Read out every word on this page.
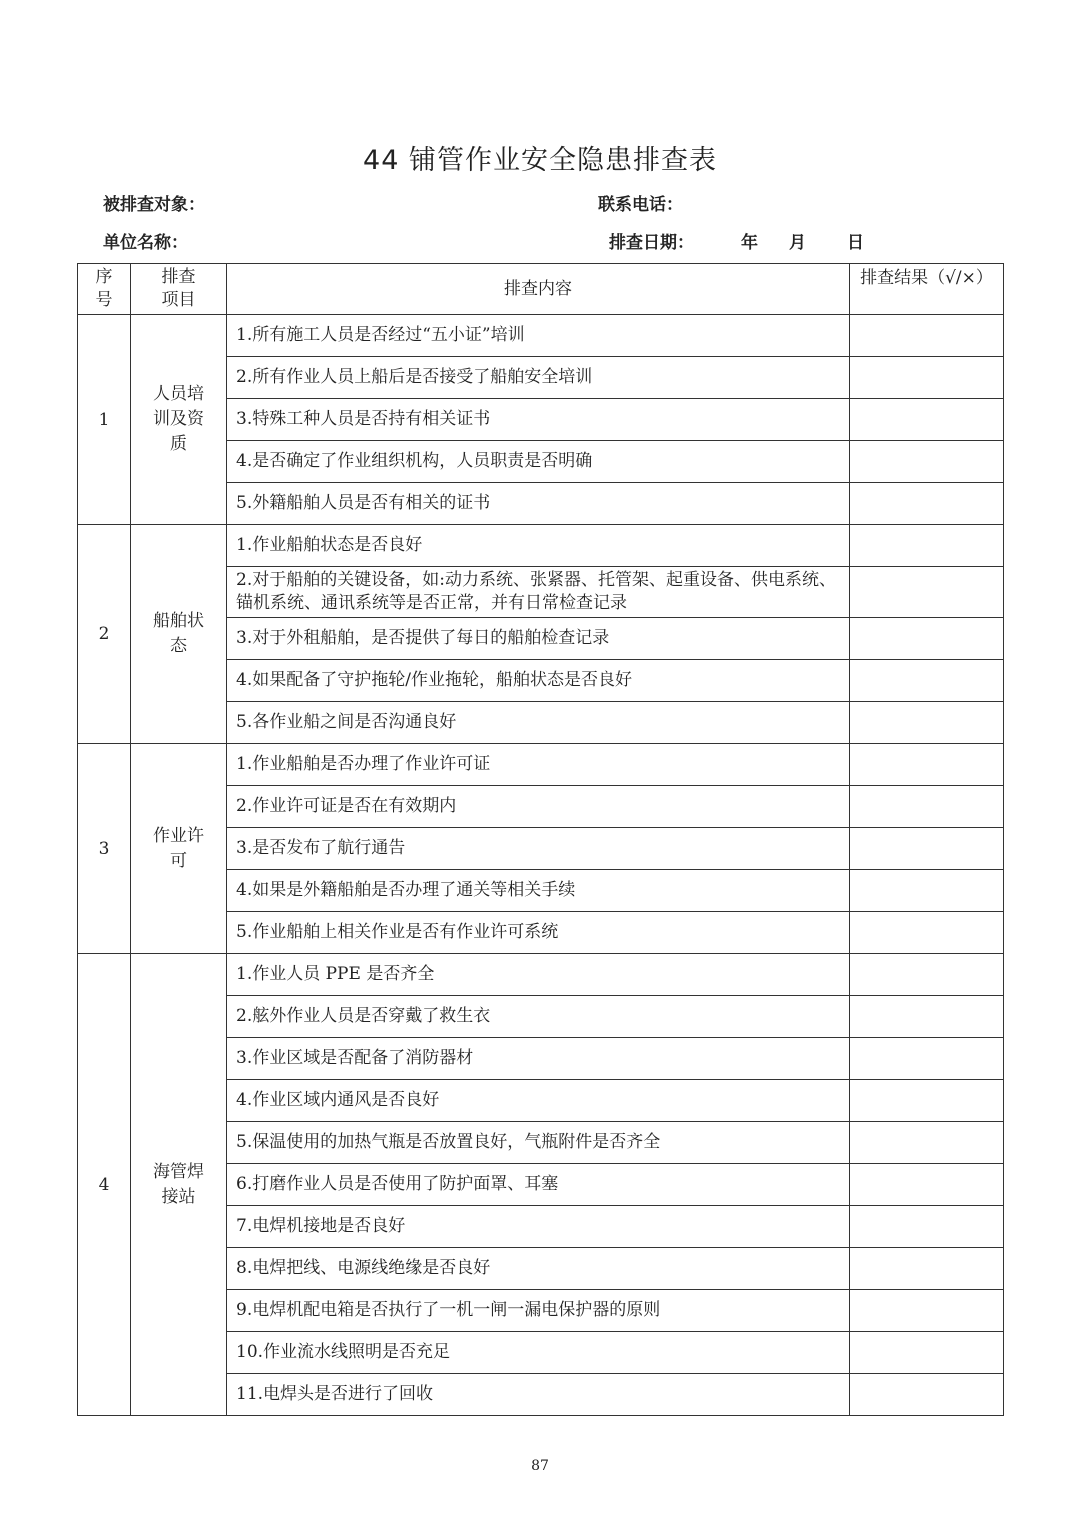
44 铺管作业安全隐患排查表
被排查对象：	联系电话：
单位名称：	排查日期：	年 月 日
序号	排查项目	排查内容	排查结果（√/×）
1	人员培训及资质	1.所有施工人员是否经过“五小证”培训	
		2.所有作业人员上船后是否接受了船舶安全培训	
		3.特殊工种人员是否持有相关证书	
		4.是否确定了作业组织机构，人员职责是否明确	
		5.外籍船舶人员是否有相关的证书	
2	船舶状态	1.作业船舶状态是否良好	
		2.对于船舶的关键设备，如:动力系统、张紧器、托管架、起重设备、供电系统、锚机系统、通讯系统等是否正常，并有日常检查记录	
		3.对于外租船舶，是否提供了每日的船舶检查记录	
		4.如果配备了守护拖轮/作业拖轮，船舶状态是否良好	
		5.各作业船之间是否沟通良好	
3	作业许可	1.作业船舶是否办理了作业许可证	
		2.作业许可证是否在有效期内	
		3.是否发布了航行通告	
		4.如果是外籍船舶是否办理了通关等相关手续	
		5.作业船舶上相关作业是否有作业许可系统	
4	海管焊接站	1.作业人员 PPE 是否齐全	
		2.舷外作业人员是否穿戴了救生衣	
		3.作业区域是否配备了消防器材	
		4.作业区域内通风是否良好	
		5.保温使用的加热气瓶是否放置良好，气瓶附件是否齐全	
		6.打磨作业人员是否使用了防护面罩、耳塞	
		7.电焊机接地是否良好	
		8.电焊把线、电源线绝缘是否良好	
		9.电焊机配电箱是否执行了一机一闸一漏电保护器的原则	
		10.作业流水线照明是否充足	
		11.电焊头是否进行了回收	
87
